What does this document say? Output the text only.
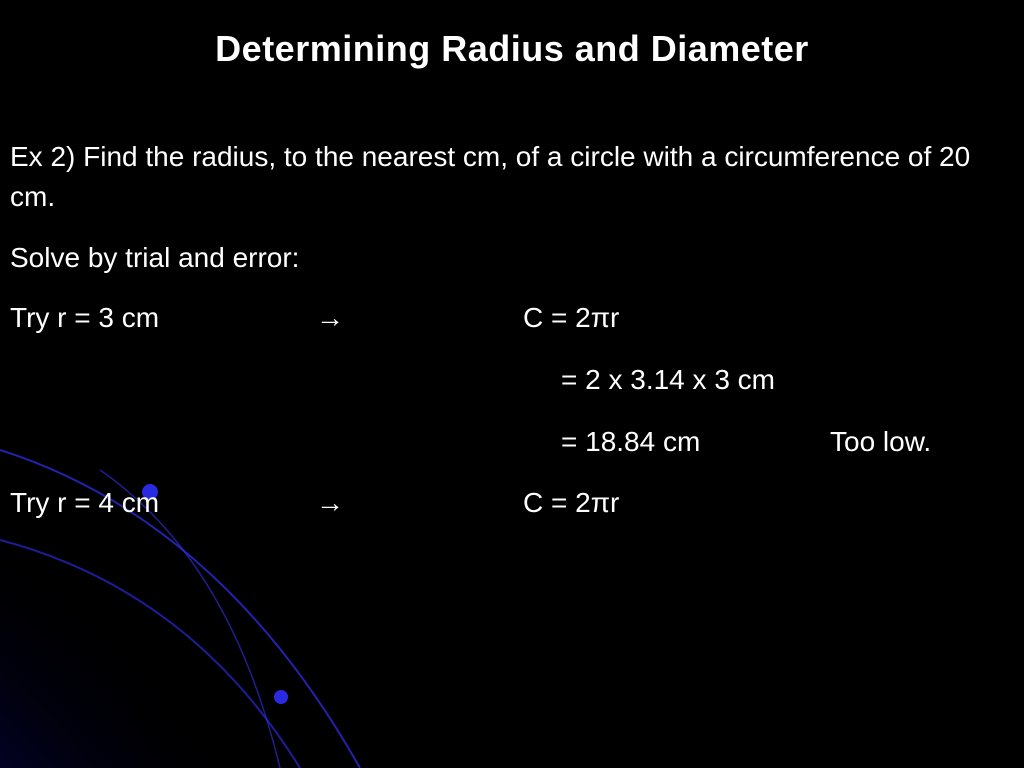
Determining Radius and Diameter
Ex 2) Find the radius, to the nearest cm, of a circle with a circumference of 20 cm.
Solve by trial and error:
Try r = 3 cm	→	C = 2πr
= 2 x 3.14 x 3 cm
= 18.84 cm	Too low.
Try r = 4 cm	→	C = 2πr
